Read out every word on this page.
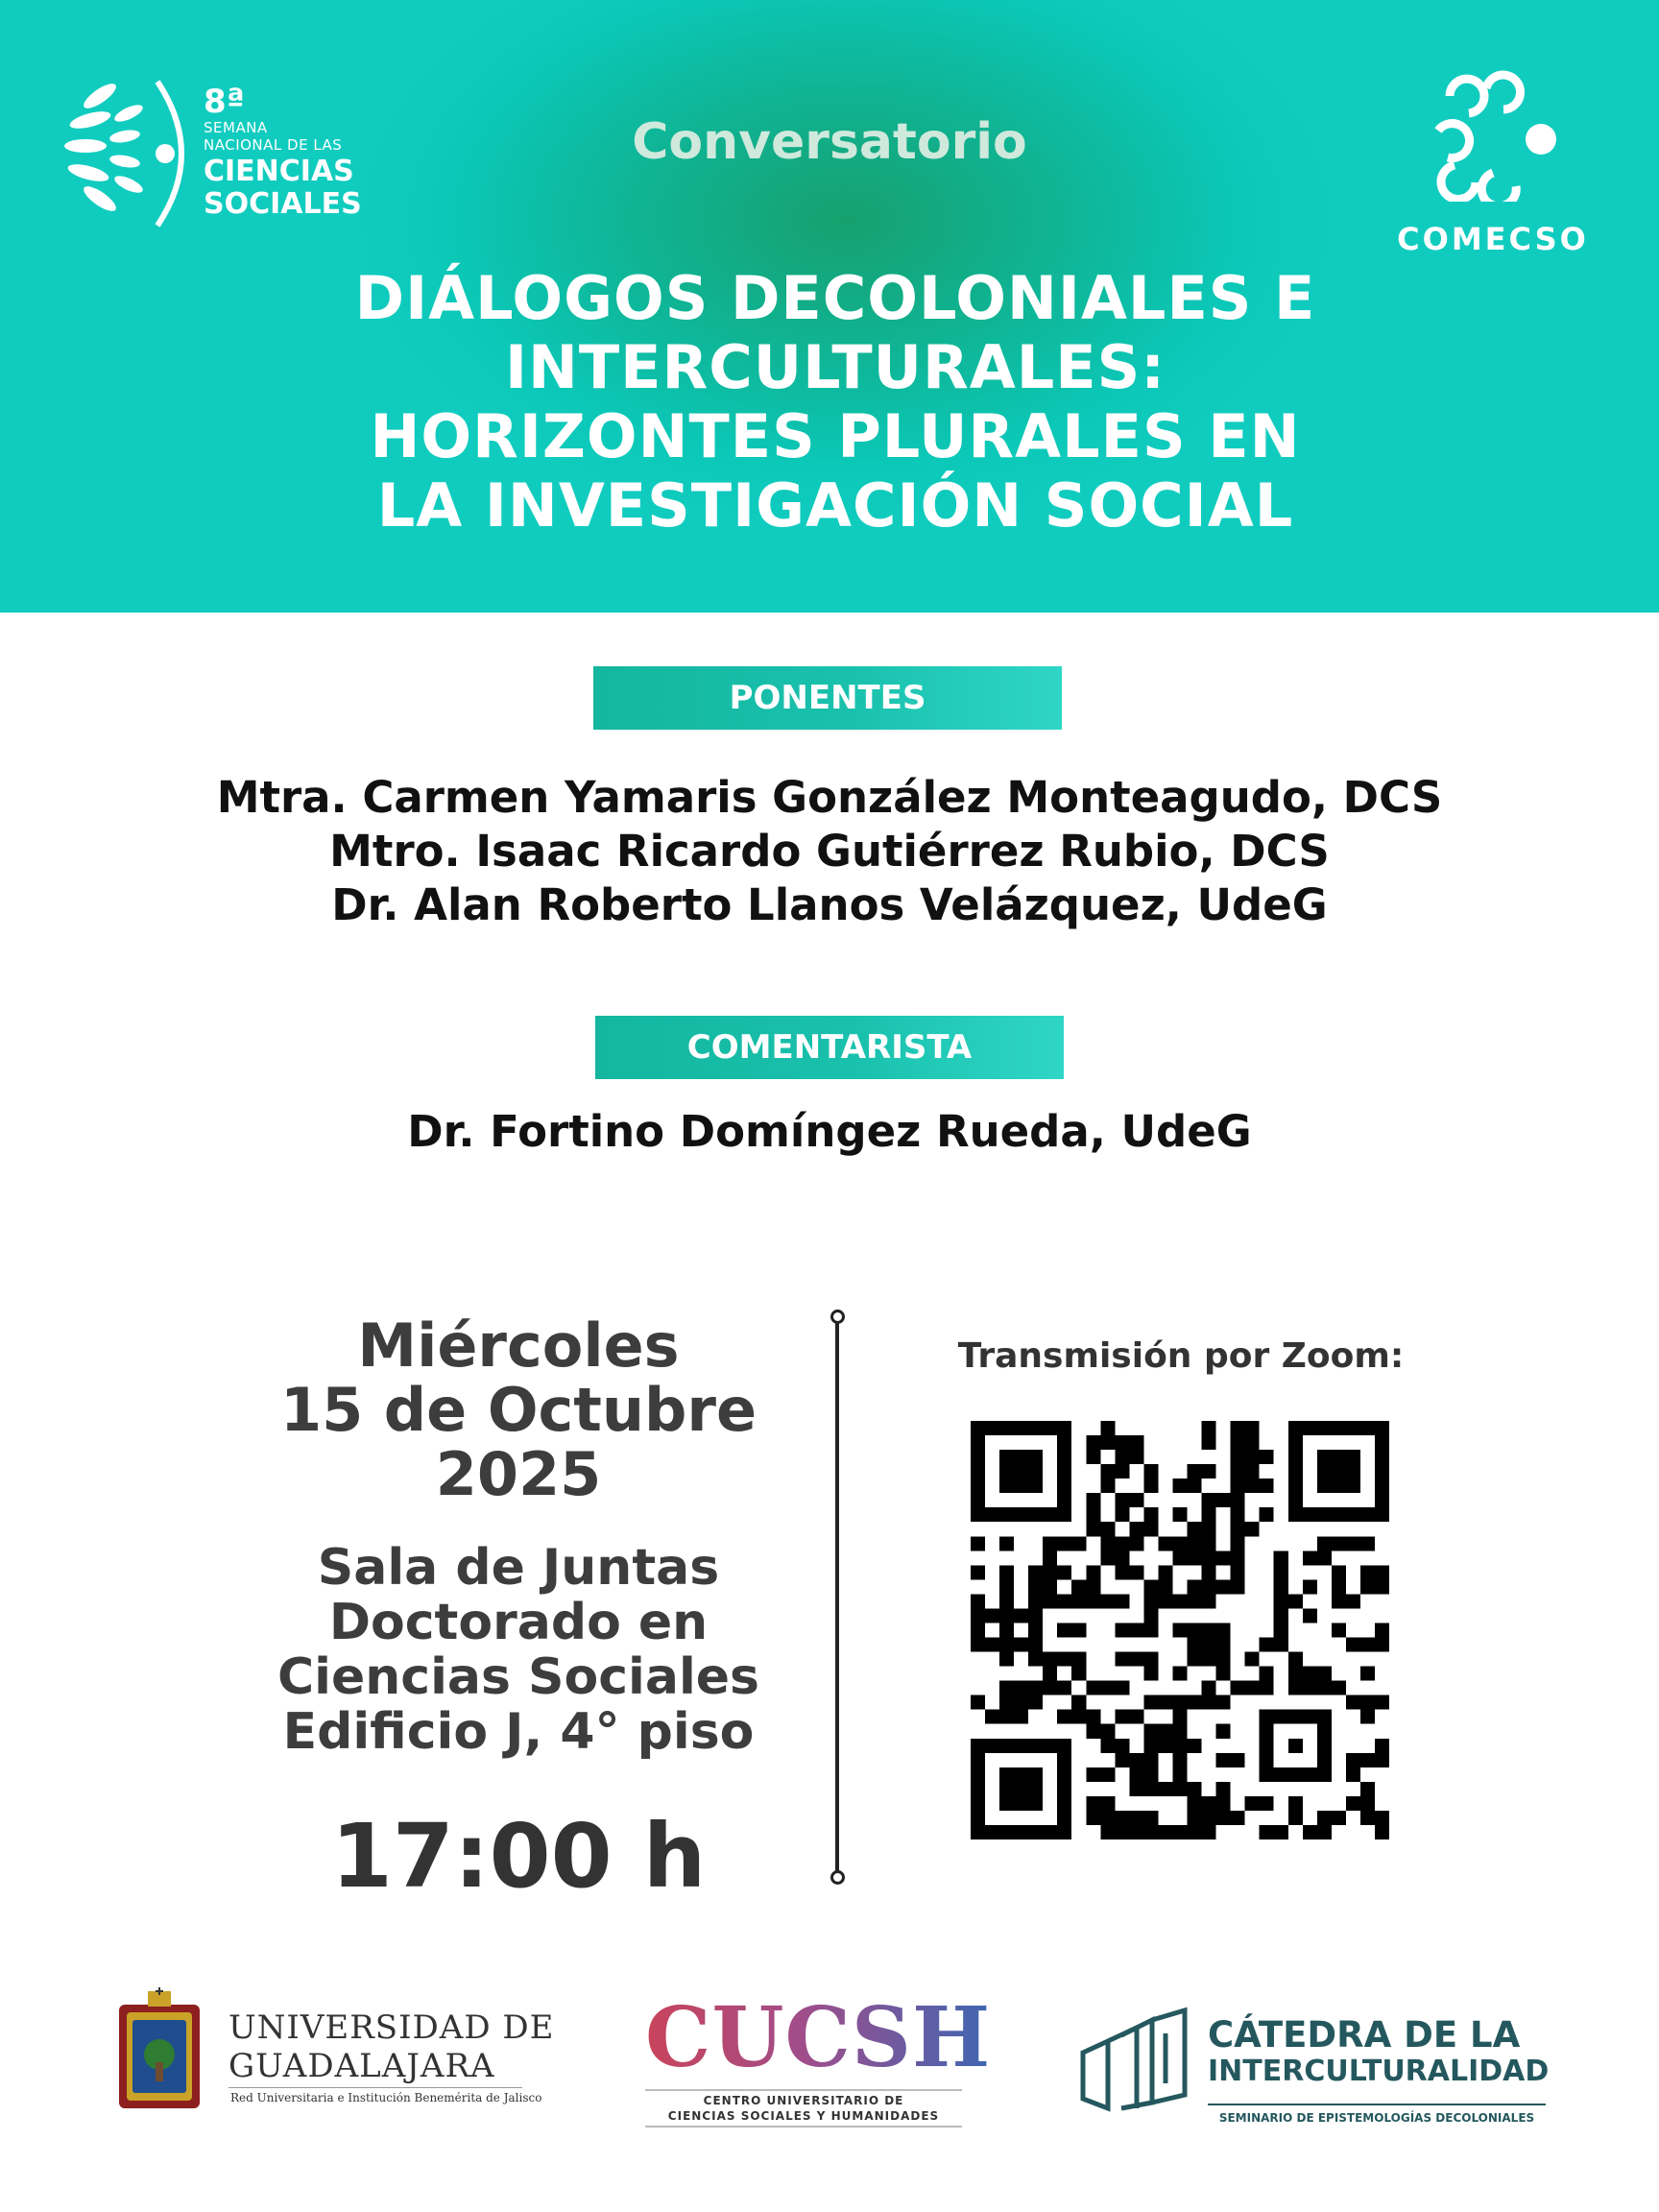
8ª
SEMANA
NACIONAL DE LAS
CIENCIAS
SOCIALES
COMECSO
Conversatorio
DIÁLOGOS DECOLONIALES E
INTERCULTURALES:
HORIZONTES PLURALES EN
LA INVESTIGACIÓN SOCIAL
PONENTES
Mtra. Carmen Yamaris González Monteagudo, DCS
Mtro. Isaac Ricardo Gutiérrez Rubio, DCS
Dr. Alan Roberto Llanos Velázquez, UdeG
COMENTARISTA
Dr. Fortino Domíngez Rueda, UdeG
Miércoles
15 de Octubre
2025
Sala de Juntas
Doctorado en
Ciencias Sociales
Edificio J, 4° piso
17:00 h
Transmisión por Zoom:
UNIVERSIDAD DE
GUADALAJARA
Red Universitaria e Institución Benemérita de Jalisco
CUCSH
CENTRO UNIVERSITARIO DE
CIENCIAS SOCIALES Y HUMANIDADES
CÁTEDRA DE LA
INTERCULTURALIDAD
SEMINARIO DE EPISTEMOLOGÍAS DECOLONIALES
